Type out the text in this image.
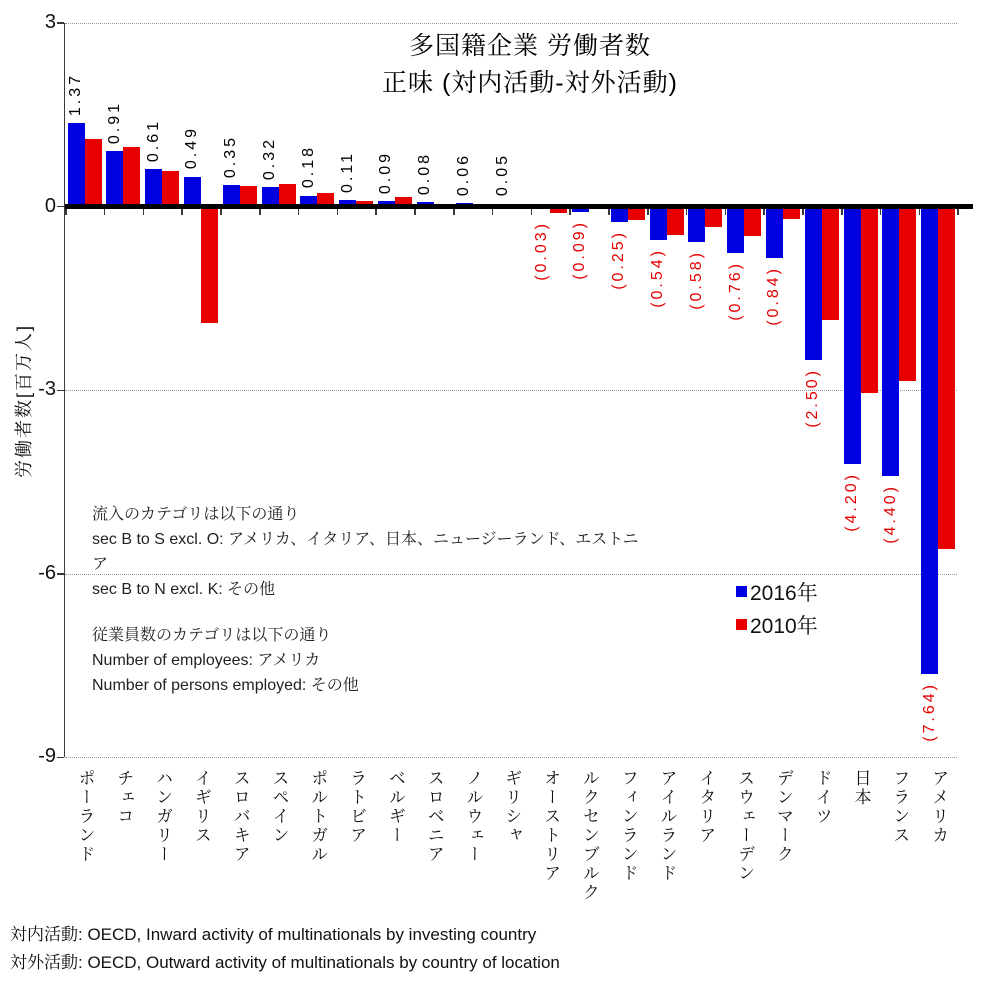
多国籍企業 労働者数
正味 (対内活動-対外活動)
労働者数[百万人]
3
0
-3
-6
-9
1.37
ポーランド
0.91
チェコ
0.61
ハンガリー
0.49
イギリス
0.35
スロバキア
0.32
スペイン
0.18
ポルトガル
0.11
ラトビア
0.09
ベルギー
0.08
スロベニア
0.06
ノルウェー
0.05
ギリシャ
(0.03)
オーストリア
(0.09)
ルクセンブルク
(0.25)
フィンランド
(0.54)
アイルランド
(0.58)
イタリア
(0.76)
スウェーデン
(0.84)
デンマーク
(2.50)
ドイツ
(4.20)
日本
(4.40)
フランス
(7.64)
アメリカ
2016年
2010年

流入のカテゴリは以下の通り

sec B to S excl. O: アメリカ、イタリア、日本、ニュージーランド、エストニア

sec B to N excl. K: その他

従業員数のカテゴリは以下の通り

Number of employees: アメリカ

Number of persons employed: その他

対内活動: OECD, Inward activity of multinationals by investing country
対外活動: OECD, Outward activity of multinationals by country of location
